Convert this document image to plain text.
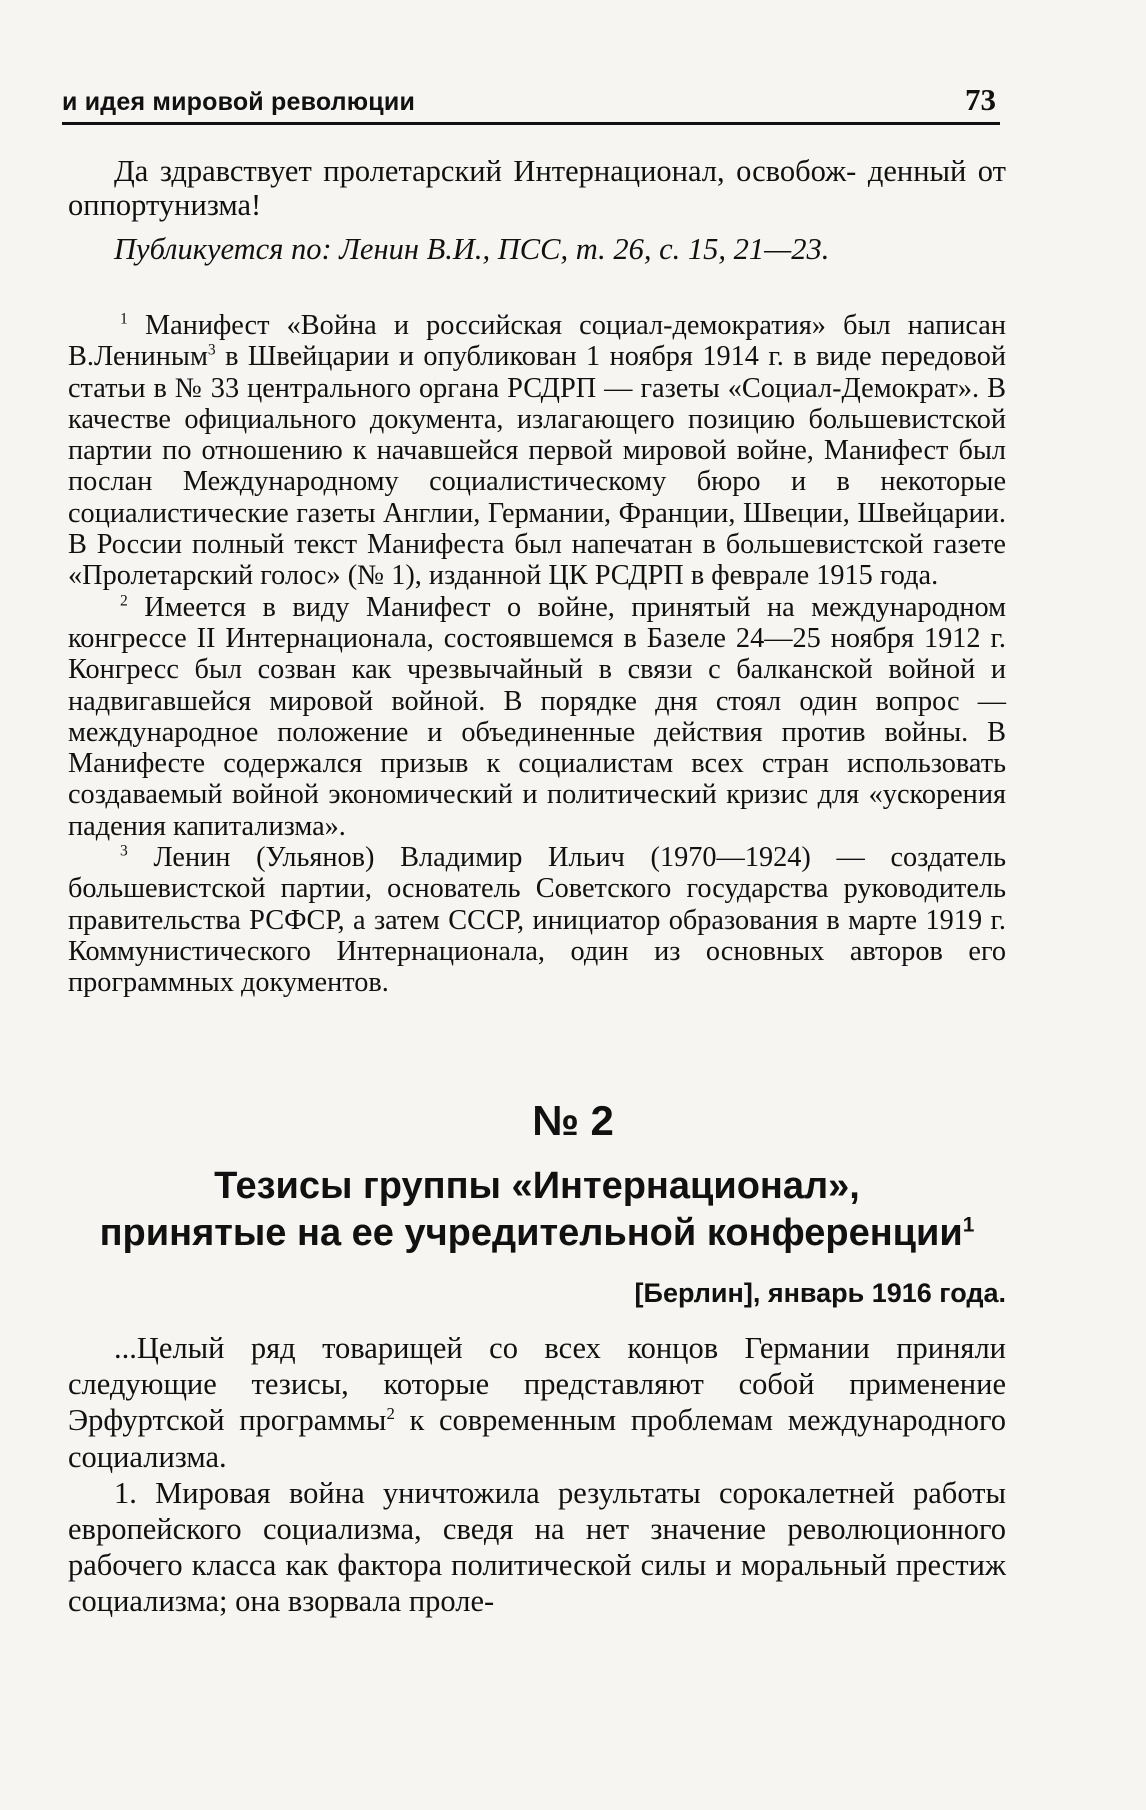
и идея мировой революции	73

Да здравствует пролетарский Интернационал, освобож- денный от оппортунизма!

Публикуется по: Ленин В.И., ПСС, т. 26, с. 15, 21—23.

$^1$ Манифест «Война и российская социал-демократия» был написан В.Лениным$^3$ в Швейцарии и опубликован 1 ноября 1914 г. в виде передовой статьи в № 33 центрального органа РСДРП — газеты «Социал-Демократ». В качестве официального документа, излагающего позицию большевистской партии по отношению к начавшейся первой мировой войне, Манифест был послан Международному социалистическому бюро и в некоторые социалистические газеты Англии, Германии, Франции, Швеции, Швейцарии. В России полный текст Манифеста был напечатан в большевистской газете «Пролетарский голос» (№ 1), изданной ЦК РСДРП в феврале 1915 года.

$^2$ Имеется в виду Манифест о войне, принятый на международном конгрессе II Интернационала, состоявшемся в Базеле 24—25 ноября 1912 г. Конгресс был созван как чрезвычайный в связи с балканской войной и надвигавшейся мировой войной. В порядке дня стоял один вопрос — международное положение и объединенные действия против войны. В Манифесте содержался призыв к социалистам всех стран использовать создаваемый войной экономический и политический кризис для «ускорения падения капитализма».

$^3$ Ленин (Ульянов) Владимир Ильич (1970—1924) — создатель большевистской партии, основатель Советского государства руководитель правительства РСФСР, а затем СССР, инициатор образования в марте 1919 г. Коммунистического Интернационала, один из основных авторов его программных документов.

№ 2
Тезисы группы «Интернационал»,
принятые на ее учредительной конференции$^1$
[Берлин], январь 1916 года.

...Целый ряд товарищей со всех концов Германии приняли следующие тезисы, которые представляют собой применение Эрфуртской программы$^2$ к современным проблемам международного социализма.

1. Мировая война уничтожила результаты сорокалетней работы европейского социализма, сведя на нет значение революционного рабочего класса как фактора политической силы и моральный престиж социализма; она взорвала проле-
